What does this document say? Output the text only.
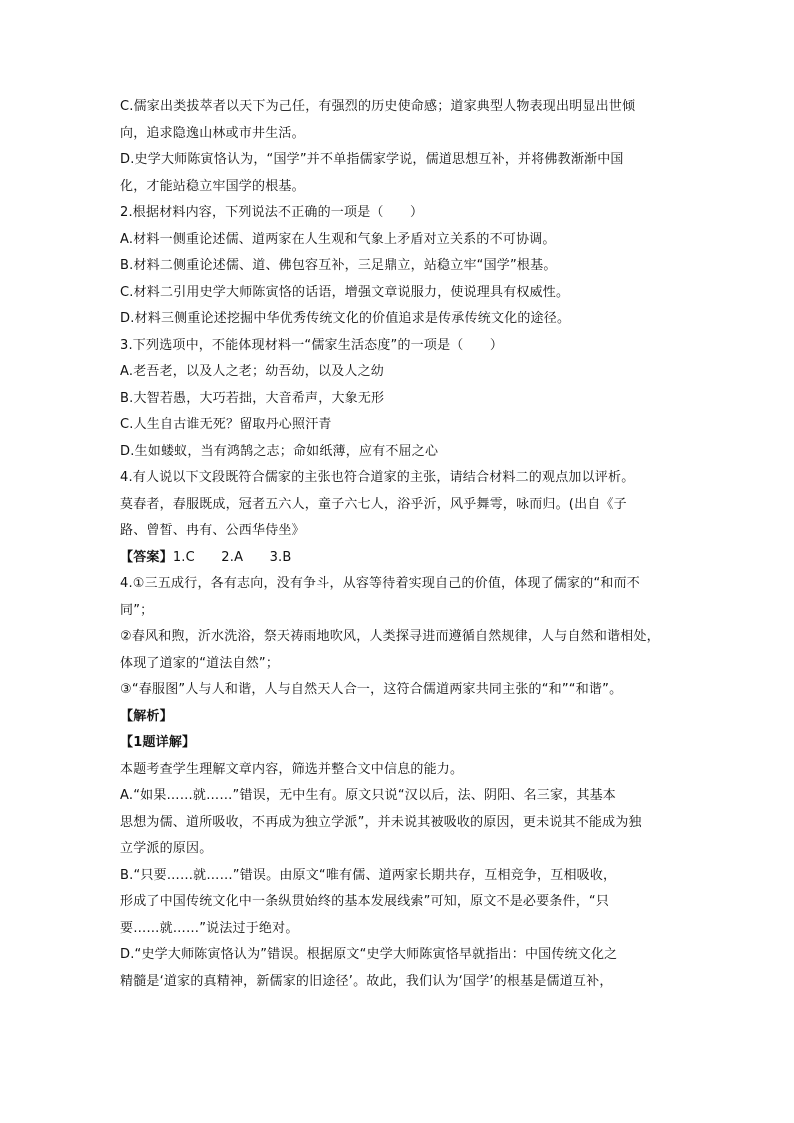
C.儒家出类拔萃者以天下为己任，有强烈的历史使命感；道家典型人物表现出明显出世倾
向，追求隐逸山林或市井生活。
D.史学大师陈寅恪认为，“国学”并不单指儒家学说，儒道思想互补，并将佛教渐渐中国
化，才能站稳立牢国学的根基。
2.根据材料内容，下列说法不正确的一项是（　　）
A.材料一侧重论述儒、道两家在人生观和气象上矛盾对立关系的不可协调。
B.材料二侧重论述儒、道、佛包容互补，三足鼎立，站稳立牢“国学”根基。
C.材料二引用史学大师陈寅恪的话语，增强文章说服力，使说理具有权威性。
D.材料三侧重论述挖掘中华优秀传统文化的价值追求是传承传统文化的途径。
3.下列选项中，不能体现材料一“儒家生活态度”的一项是（　　）
A.老吾老，以及人之老；幼吾幼，以及人之幼
B.大智若愚，大巧若拙，大音希声，大象无形
C.人生自古谁无死？留取丹心照汗青
D.生如蝼蚁，当有鸿鹄之志；命如纸薄，应有不屈之心
4.有人说以下文段既符合儒家的主张也符合道家的主张，请结合材料二的观点加以评析。
莫春者，春服既成，冠者五六人，童子六七人，浴乎沂，风乎舞雩，咏而归。(出自《子
路、曾皙、冉有、公西华侍坐》
【答案】1.C　　2.A　　3.B
4.①三五成行，各有志向，没有争斗，从容等待着实现自己的价值，体现了儒家的“和而不
同”；
②春风和煦，沂水洗浴，祭天祷雨地吹风，人类探寻进而遵循自然规律，人与自然和谐相处，
体现了道家的“道法自然”；
③“春服图”人与人和谐，人与自然天人合一，这符合儒道两家共同主张的“和”“和谐”。
【解析】
【1题详解】
本题考查学生理解文章内容，筛选并整合文中信息的能力。
A.“如果……就……”错误，无中生有。原文只说“汉以后，法、阴阳、名三家，其基本
思想为儒、道所吸收，不再成为独立学派”，并未说其被吸收的原因，更未说其不能成为独
立学派的原因。
B.“只要……就……”错误。由原文“唯有儒、道两家长期共存，互相竞争，互相吸收，
形成了中国传统文化中一条纵贯始终的基本发展线索”可知，原文不是必要条件，“只
要……就……”说法过于绝对。
D.“史学大师陈寅恪认为”错误。根据原文“史学大师陈寅恪早就指出：中国传统文化之
精髓是‘道家的真精神，新儒家的旧途径’。故此，我们认为‘国学’的根基是儒道互补，
